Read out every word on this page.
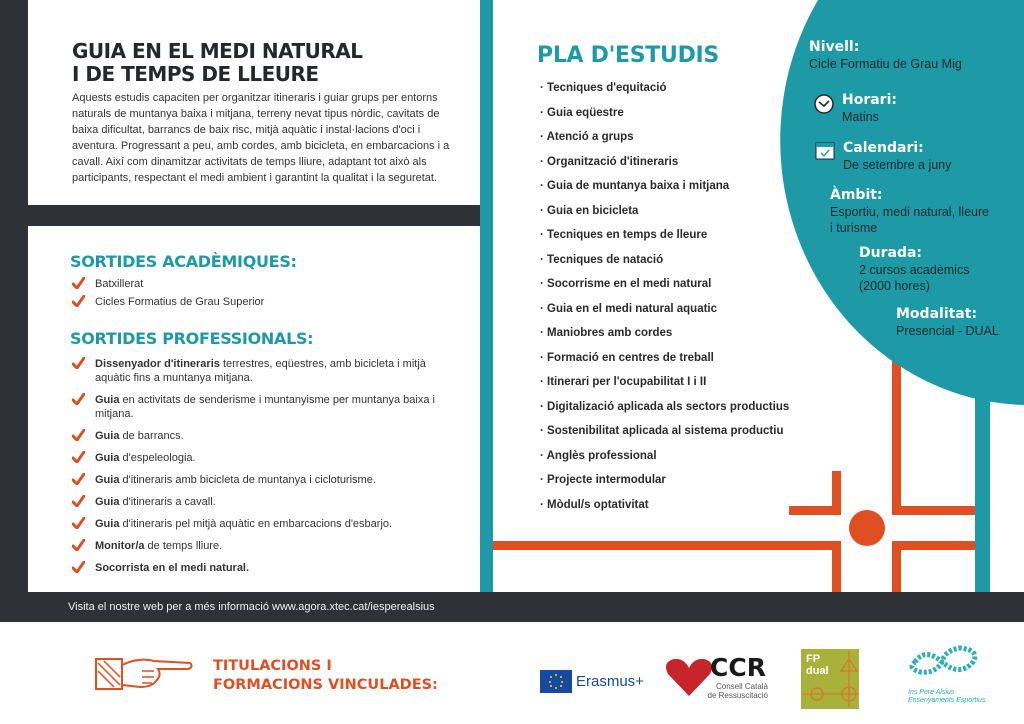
GUIA EN EL MEDI NATURAL
I DE TEMPS DE LLEURE

Aquests estudis capaciten per organitzar itineraris i guiar grups per entorns naturals de muntanya baixa i mitjana, terreny nevat tipus nòrdic, cavitats de baixa dificultat, barrancs de baix risc, mitjà aquàtic i instal·lacions d'oci i aventura. Progressant a peu, amb cordes, amb bicicleta, en embarcacions i a cavall. Així com dinamitzar activitats de temps lliure, adaptant tot això als participants, respectant el medi ambient i garantint la qualitat i la seguretat.

SORTIDES ACADÈMIQUES:
Batxillerat
Cicles Formatius de Grau Superior
SORTIDES PROFESSIONALS:
Dissenyador d'itineraris terrestres, eqüestres, amb bicicleta i mitjà aquàtic fins a muntanya mitjana.
Guia en activitats de senderisme i muntanyisme per muntanya baixa i mitjana.
Guia de barrancs.
Guia d'espeleologia.
Guia d'itineraris amb bicicleta de muntanya i cicloturisme.
Guia d'itineraris a cavall.
Guia d'itineraris pel mitjà aquàtic en embarcacions d'esbarjo.
Monitor/a de temps lliure.
Socorrista en el medi natural.
PLA D'ESTUDIS
· Tecniques d'equitació
· Guia eqüestre
· Atenció a grups
· Organització d'itineraris
· Guia de muntanya baixa i mitjana
· Guia en bicicleta
· Tecniques en temps de lleure
· Tecniques de natació
· Socorrisme en el medi natural
· Guia en el medi natural aquatic
· Maniobres amb cordes
· Formació en centres de treball
· Itinerari per l'ocupabilitat I i II
· Digitalizació aplicada als sectors productius
· Sostenibilitat aplicada al sistema productiu
· Anglès professional
· Projecte intermodular
· Mòdul/s optativitat
Nivell:
Cicle Formatiu de Grau Mig
Horari:
Matins
Calendari:
De setembre a juny
Àmbit:
Esportiu, medi natural, lleure
i turisme
Durada:
2 cursos acadèmics
(2000 hores)
Modalitat:
Presencial - DUAL
Visita el nostre web per a més informació www.agora.xtec.cat/iesperealsius
TITULACIONS I
FORMACIONS VINCULADES:	Erasmus+	CCR
Consell Català
de Ressuscitació
FP
dual
Ins Pere Alsius
Ensenyaments Esportius
